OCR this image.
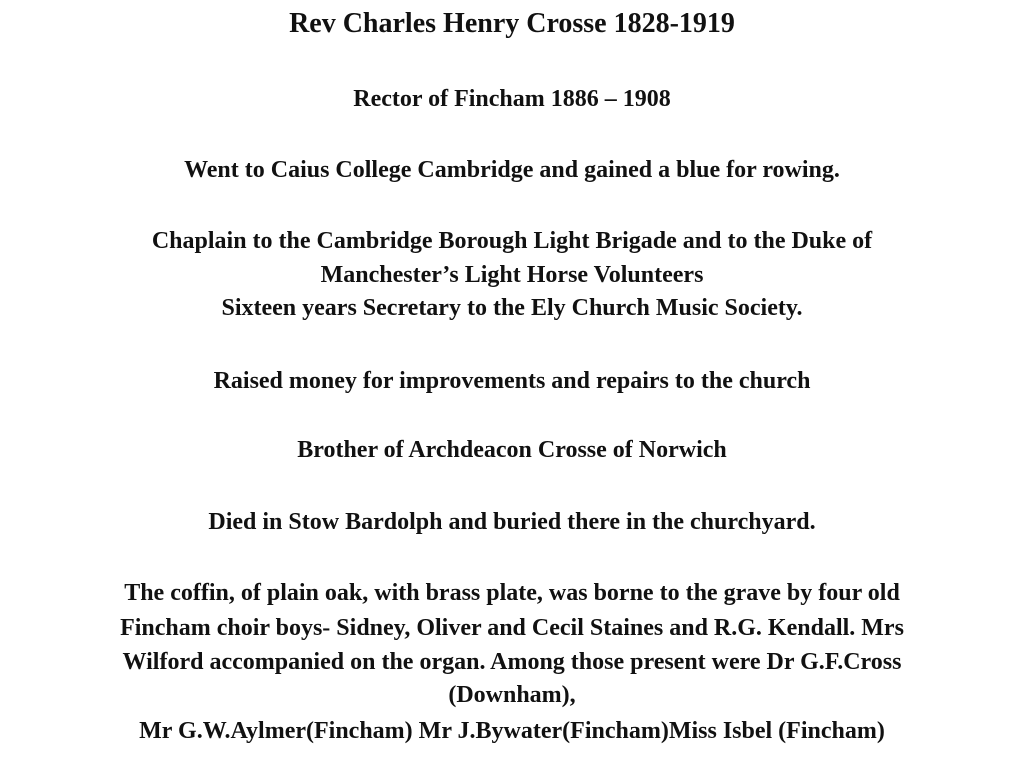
Rev Charles Henry Crosse 1828-1919
Rector of Fincham 1886 – 1908
Went to Caius College Cambridge and gained a blue for rowing.
Chaplain to the Cambridge Borough Light Brigade and to the Duke of
Manchester’s Light Horse Volunteers
Sixteen years Secretary to the Ely Church Music Society.
Raised money for improvements and repairs to the church
Brother of Archdeacon Crosse of Norwich
Died in Stow Bardolph and buried there in the churchyard.
The coffin, of plain oak, with brass plate, was borne to the grave by four old
Fincham choir boys- Sidney, Oliver and Cecil Staines and R.G. Kendall. Mrs
Wilford accompanied on the organ. Among those present were Dr G.F.Cross
(Downham),
Mr G.W.Aylmer(Fincham) Mr J.Bywater(Fincham)Miss Isbel (Fincham)
